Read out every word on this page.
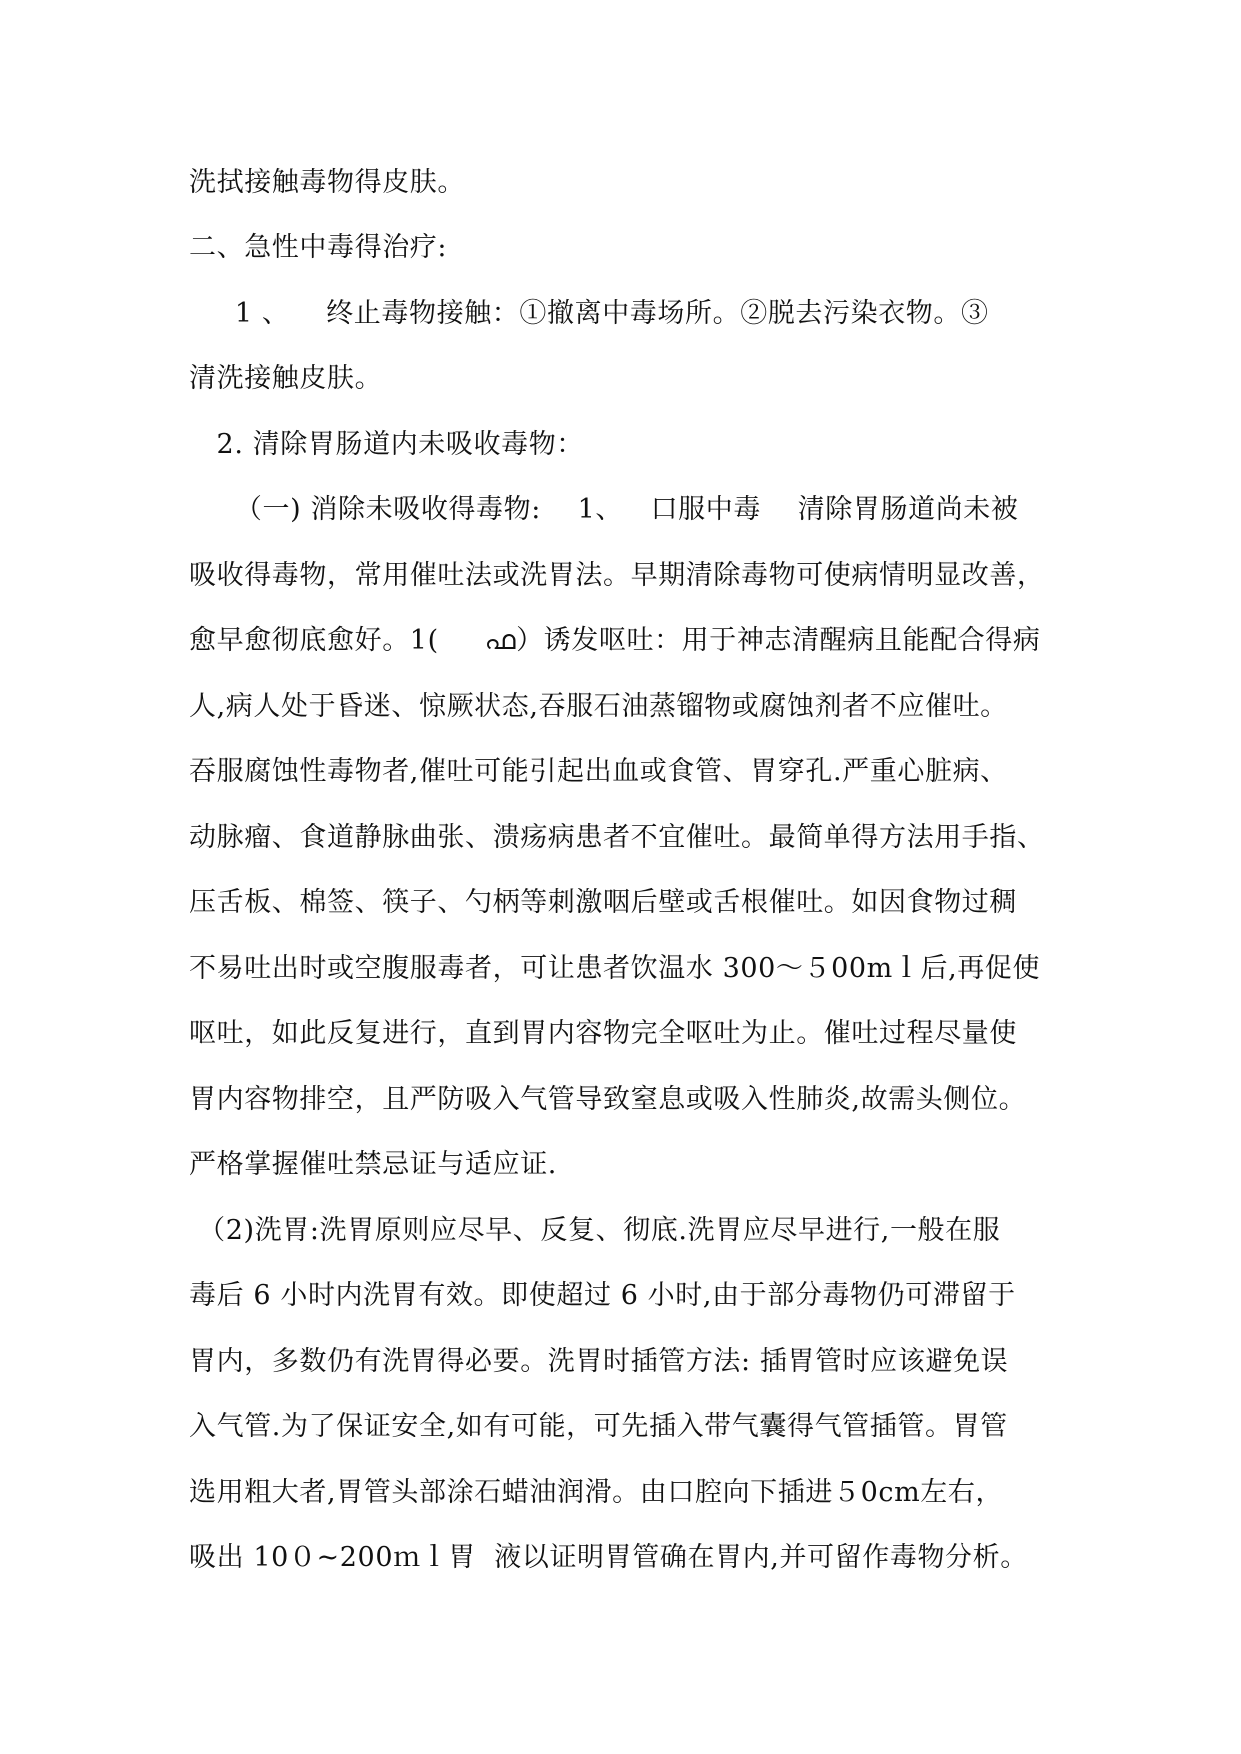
洗拭接触毒物得皮肤。
二、急性中毒得治疗:
1 、    终止毒物接触：①撤离中毒场所。②脱去污染衣物。③
清洗接触皮肤。
2. 清除胃肠道内未吸收毒物：
（一) 消除未吸收得毒物:    1、   口服中毒    清除胃肠道尚未被
吸收得毒物，常用催吐法或洗胃法。早期清除毒物可使病情明显改善，
愈早愈彻底愈好。1(     ഫ）诱发呕吐：用于神志清醒病且能配合得病
人,病人处于昏迷、惊厥状态,吞服石油蒸镏物或腐蚀剂者不应催吐。
吞服腐蚀性毒物者,催吐可能引起出血或食管、胃穿孔.严重心脏病、
动脉瘤、食道静脉曲张、溃疡病患者不宜催吐。最简单得方法用手指、
压舌板、棉签、筷子、勺柄等刺激咽后壁或舌根催吐。如因食物过稠
不易吐出时或空腹服毒者，可让患者饮温水 300～５00mｌ后,再促使
呕吐，如此反复进行，直到胃内容物完全呕吐为止。催吐过程尽量使
胃内容物排空，且严防吸入气管导致窒息或吸入性肺炎,故需头侧位。
严格掌握催吐禁忌证与适应证.
（2)洗胃:洗胃原则应尽早、反复、彻底.洗胃应尽早进行,一般在服
毒后 6 小时内洗胃有效。即使超过 6 小时,由于部分毒物仍可滞留于
胃内，多数仍有洗胃得必要。洗胃时插管方法: 插胃管时应该避免误
入气管.为了保证安全,如有可能，可先插入带气囊得气管插管。胃管
选用粗大者,胃管头部涂石蜡油润滑。由口腔向下插进５0cm左右，
吸出 10０~200ｍｌ胃  液以证明胃管确在胃内,并可留作毒物分析。
